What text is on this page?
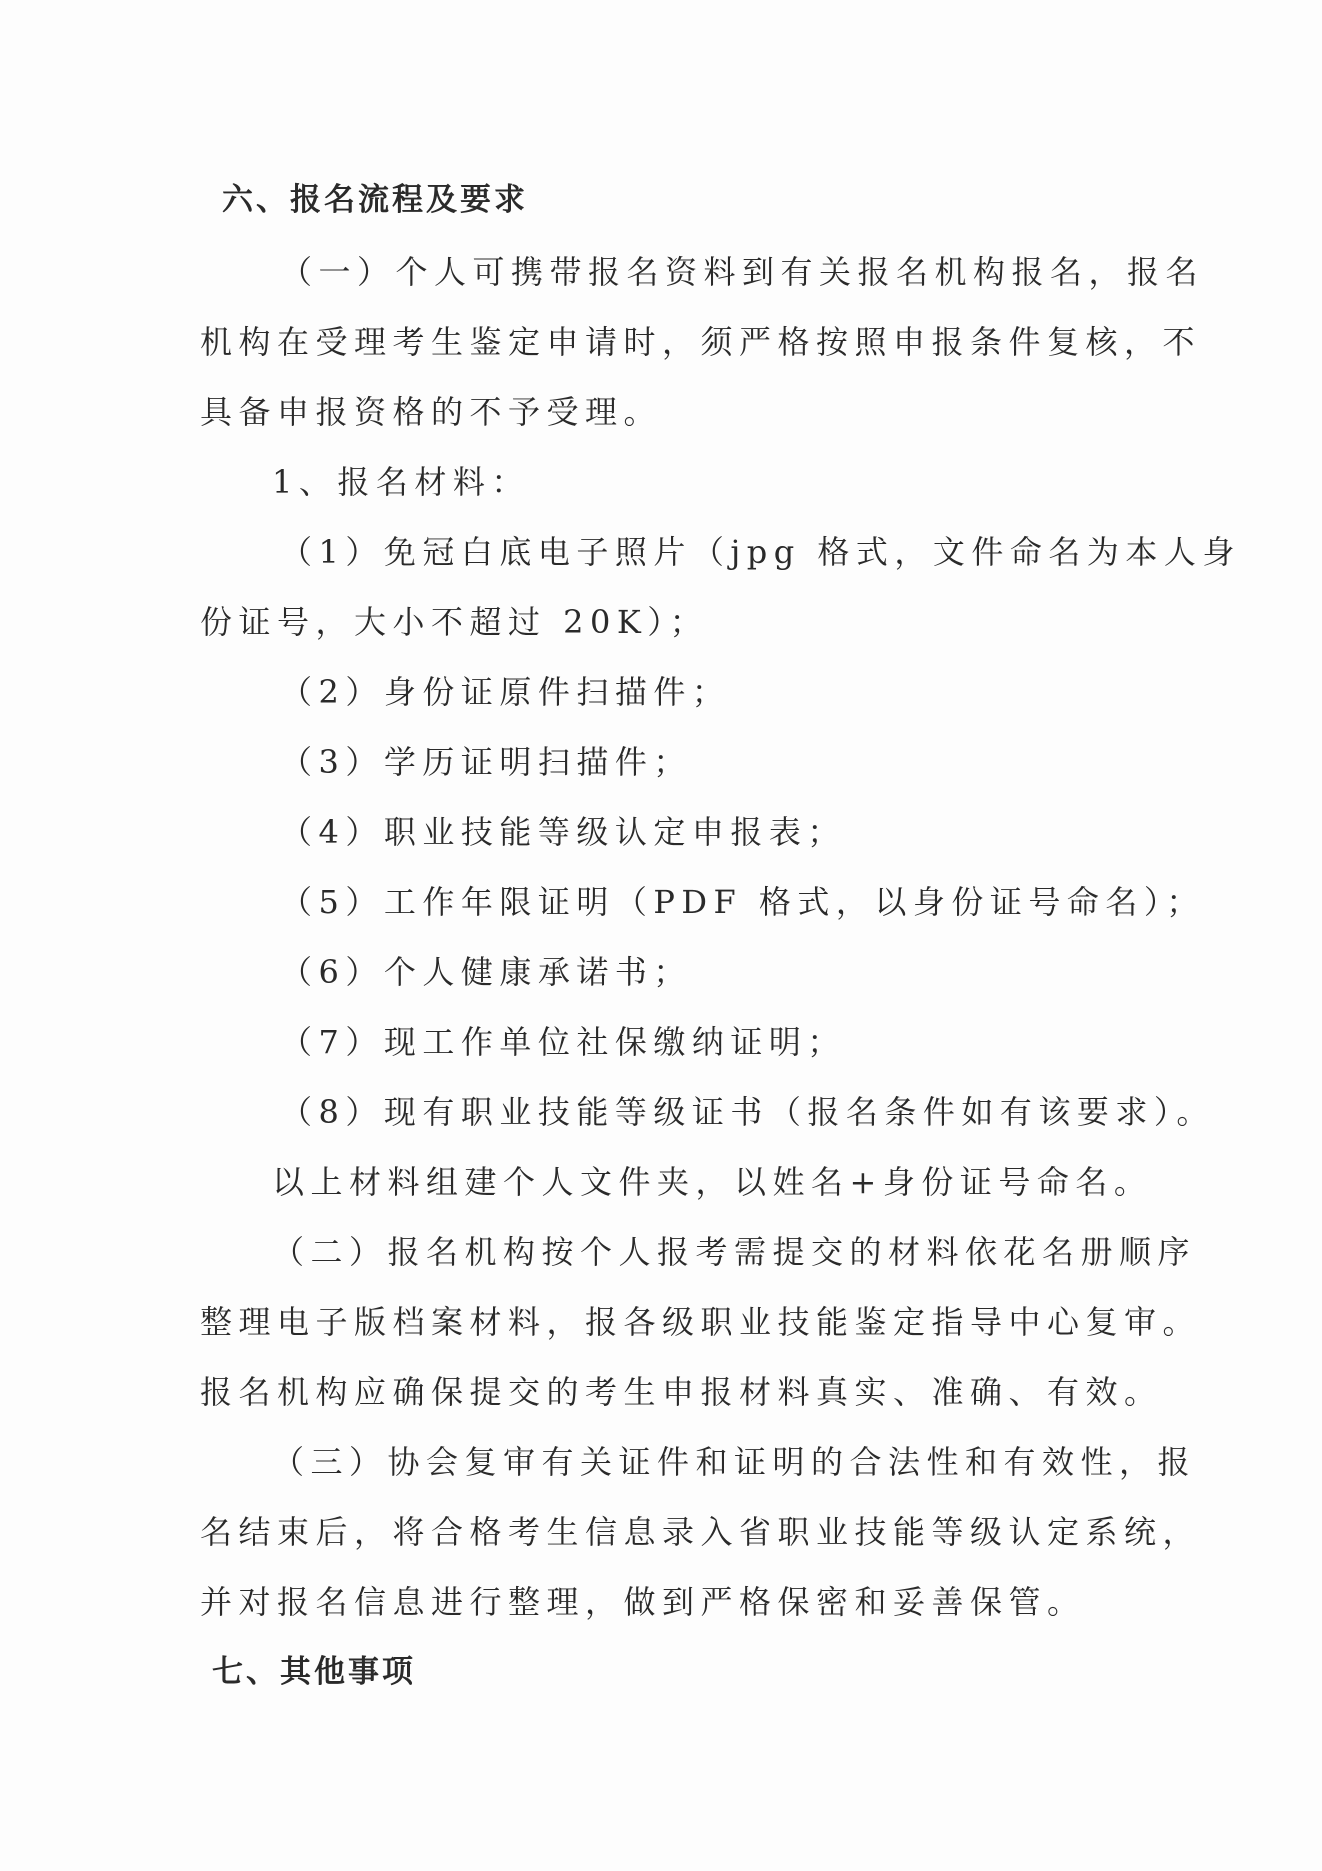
六、报名流程及要求

（一）个人可携带报名资料到有关报名机构报名，报名

机构在受理考生鉴定申请时，须严格按照申报条件复核，不

具备申报资格的不予受理。

1、报名材料：

（1）免冠白底电子照片（jpg 格式，文件命名为本人身

份证号，大小不超过 20K）；

（2）身份证原件扫描件；

（3）学历证明扫描件；

（4）职业技能等级认定申报表；

（5）工作年限证明（PDF 格式，以身份证号命名）；

（6）个人健康承诺书；

（7）现工作单位社保缴纳证明；

（8）现有职业技能等级证书（报名条件如有该要求）。

以上材料组建个人文件夹，以姓名+身份证号命名。

（二）报名机构按个人报考需提交的材料依花名册顺序

整理电子版档案材料，报各级职业技能鉴定指导中心复审。

报名机构应确保提交的考生申报材料真实、准确、有效。

（三）协会复审有关证件和证明的合法性和有效性，报

名结束后，将合格考生信息录入省职业技能等级认定系统，

并对报名信息进行整理，做到严格保密和妥善保管。

七、其他事项
